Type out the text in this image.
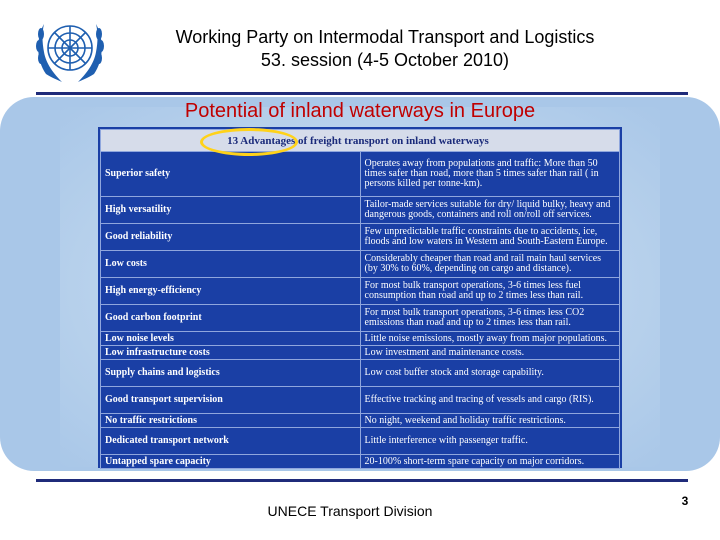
Working Party on Intermodal Transport and Logistics
53. session (4-5 October 2010)
Potential of inland waterways in Europe
13 Advantages of freight transport on inland waterways	
Superior safety	Operates away from populations and traffic: More than 50 times safer than road, more than 5 times safer than rail ( in persons killed per tonne-km).
High versatility	Tailor-made services suitable for dry/ liquid bulky, heavy and dangerous goods, containers and roll on/roll off services.
Good reliability	Few unpredictable traffic constraints due to accidents, ice, floods and low waters in Western and South-Eastern Europe.
Low costs	Considerably cheaper than road and rail main haul services (by 30% to 60%, depending on cargo and distance).
High energy-efficiency	For most bulk transport operations, 3-6 times less fuel consumption than road and up to 2 times less than rail.
Good carbon footprint	For most bulk transport operations, 3-6 times less CO2 emissions than road and up to 2 times less than rail.
Low noise levels	Little noise emissions, mostly away from major populations.
Low infrastructure costs	Low investment and maintenance costs.
Supply chains and logistics	Low cost buffer stock and storage capability.
Good transport supervision	Effective tracking and tracing of vessels and cargo (RIS).
No traffic restrictions	No night, weekend and holiday traffic restrictions.
Dedicated transport network	Little interference with passenger traffic.
Untapped spare capacity	20-100% short-term spare capacity on major corridors.
UNECE Transport Division
3
